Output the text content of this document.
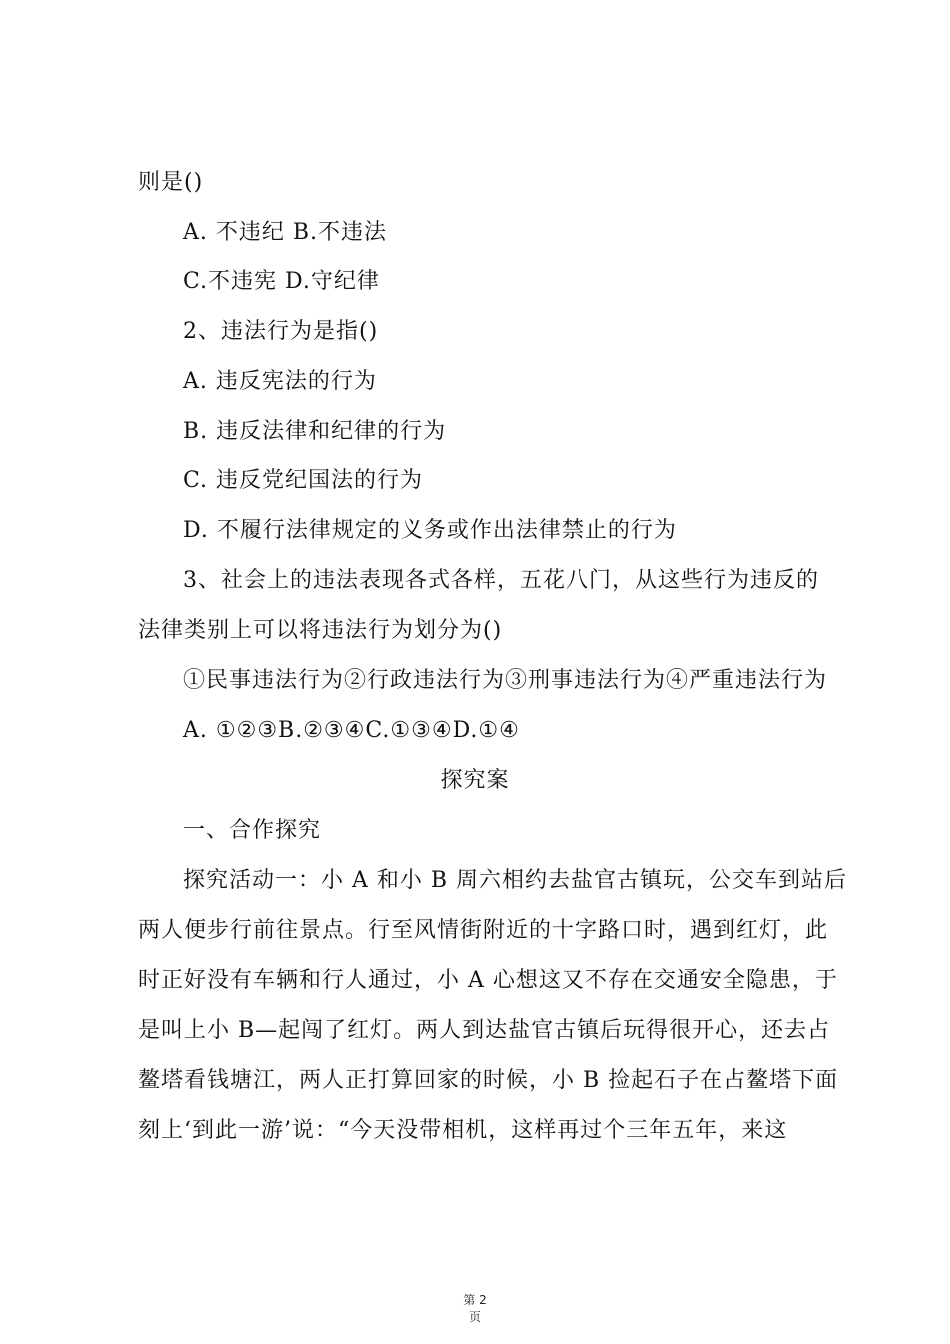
则是()
A. 不违纪 B.不违法
C.不违宪 D.守纪律
2、违法行为是指()
A. 违反宪法的行为
B. 违反法律和纪律的行为
C. 违反党纪国法的行为
D. 不履行法律规定的义务或作出法律禁止的行为
3、社会上的违法表现各式各样，五花八门，从这些行为违反的
法律类别上可以将违法行为划分为()
①民事违法行为②行政违法行为③刑事违法行为④严重违法行为
A. ①②③B.②③④C.①③④D.①④
探究案
一、合作探究
探究活动一：小 A 和小 B 周六相约去盐官古镇玩，公交车到站后
两人便步行前往景点。行至风情街附近的十字路口时，遇到红灯，此
时正好没有车辆和行人通过，小 A 心想这又不存在交通安全隐患，于
是叫上小 B—起闯了红灯。两人到达盐官古镇后玩得很开心，还去占
鳌塔看钱塘江，两人正打算回家的时候，小 B 捡起石子在占鳌塔下面
刻上‘到此一游’说：“今天没带相机，这样再过个三年五年，来这
第 2
页
